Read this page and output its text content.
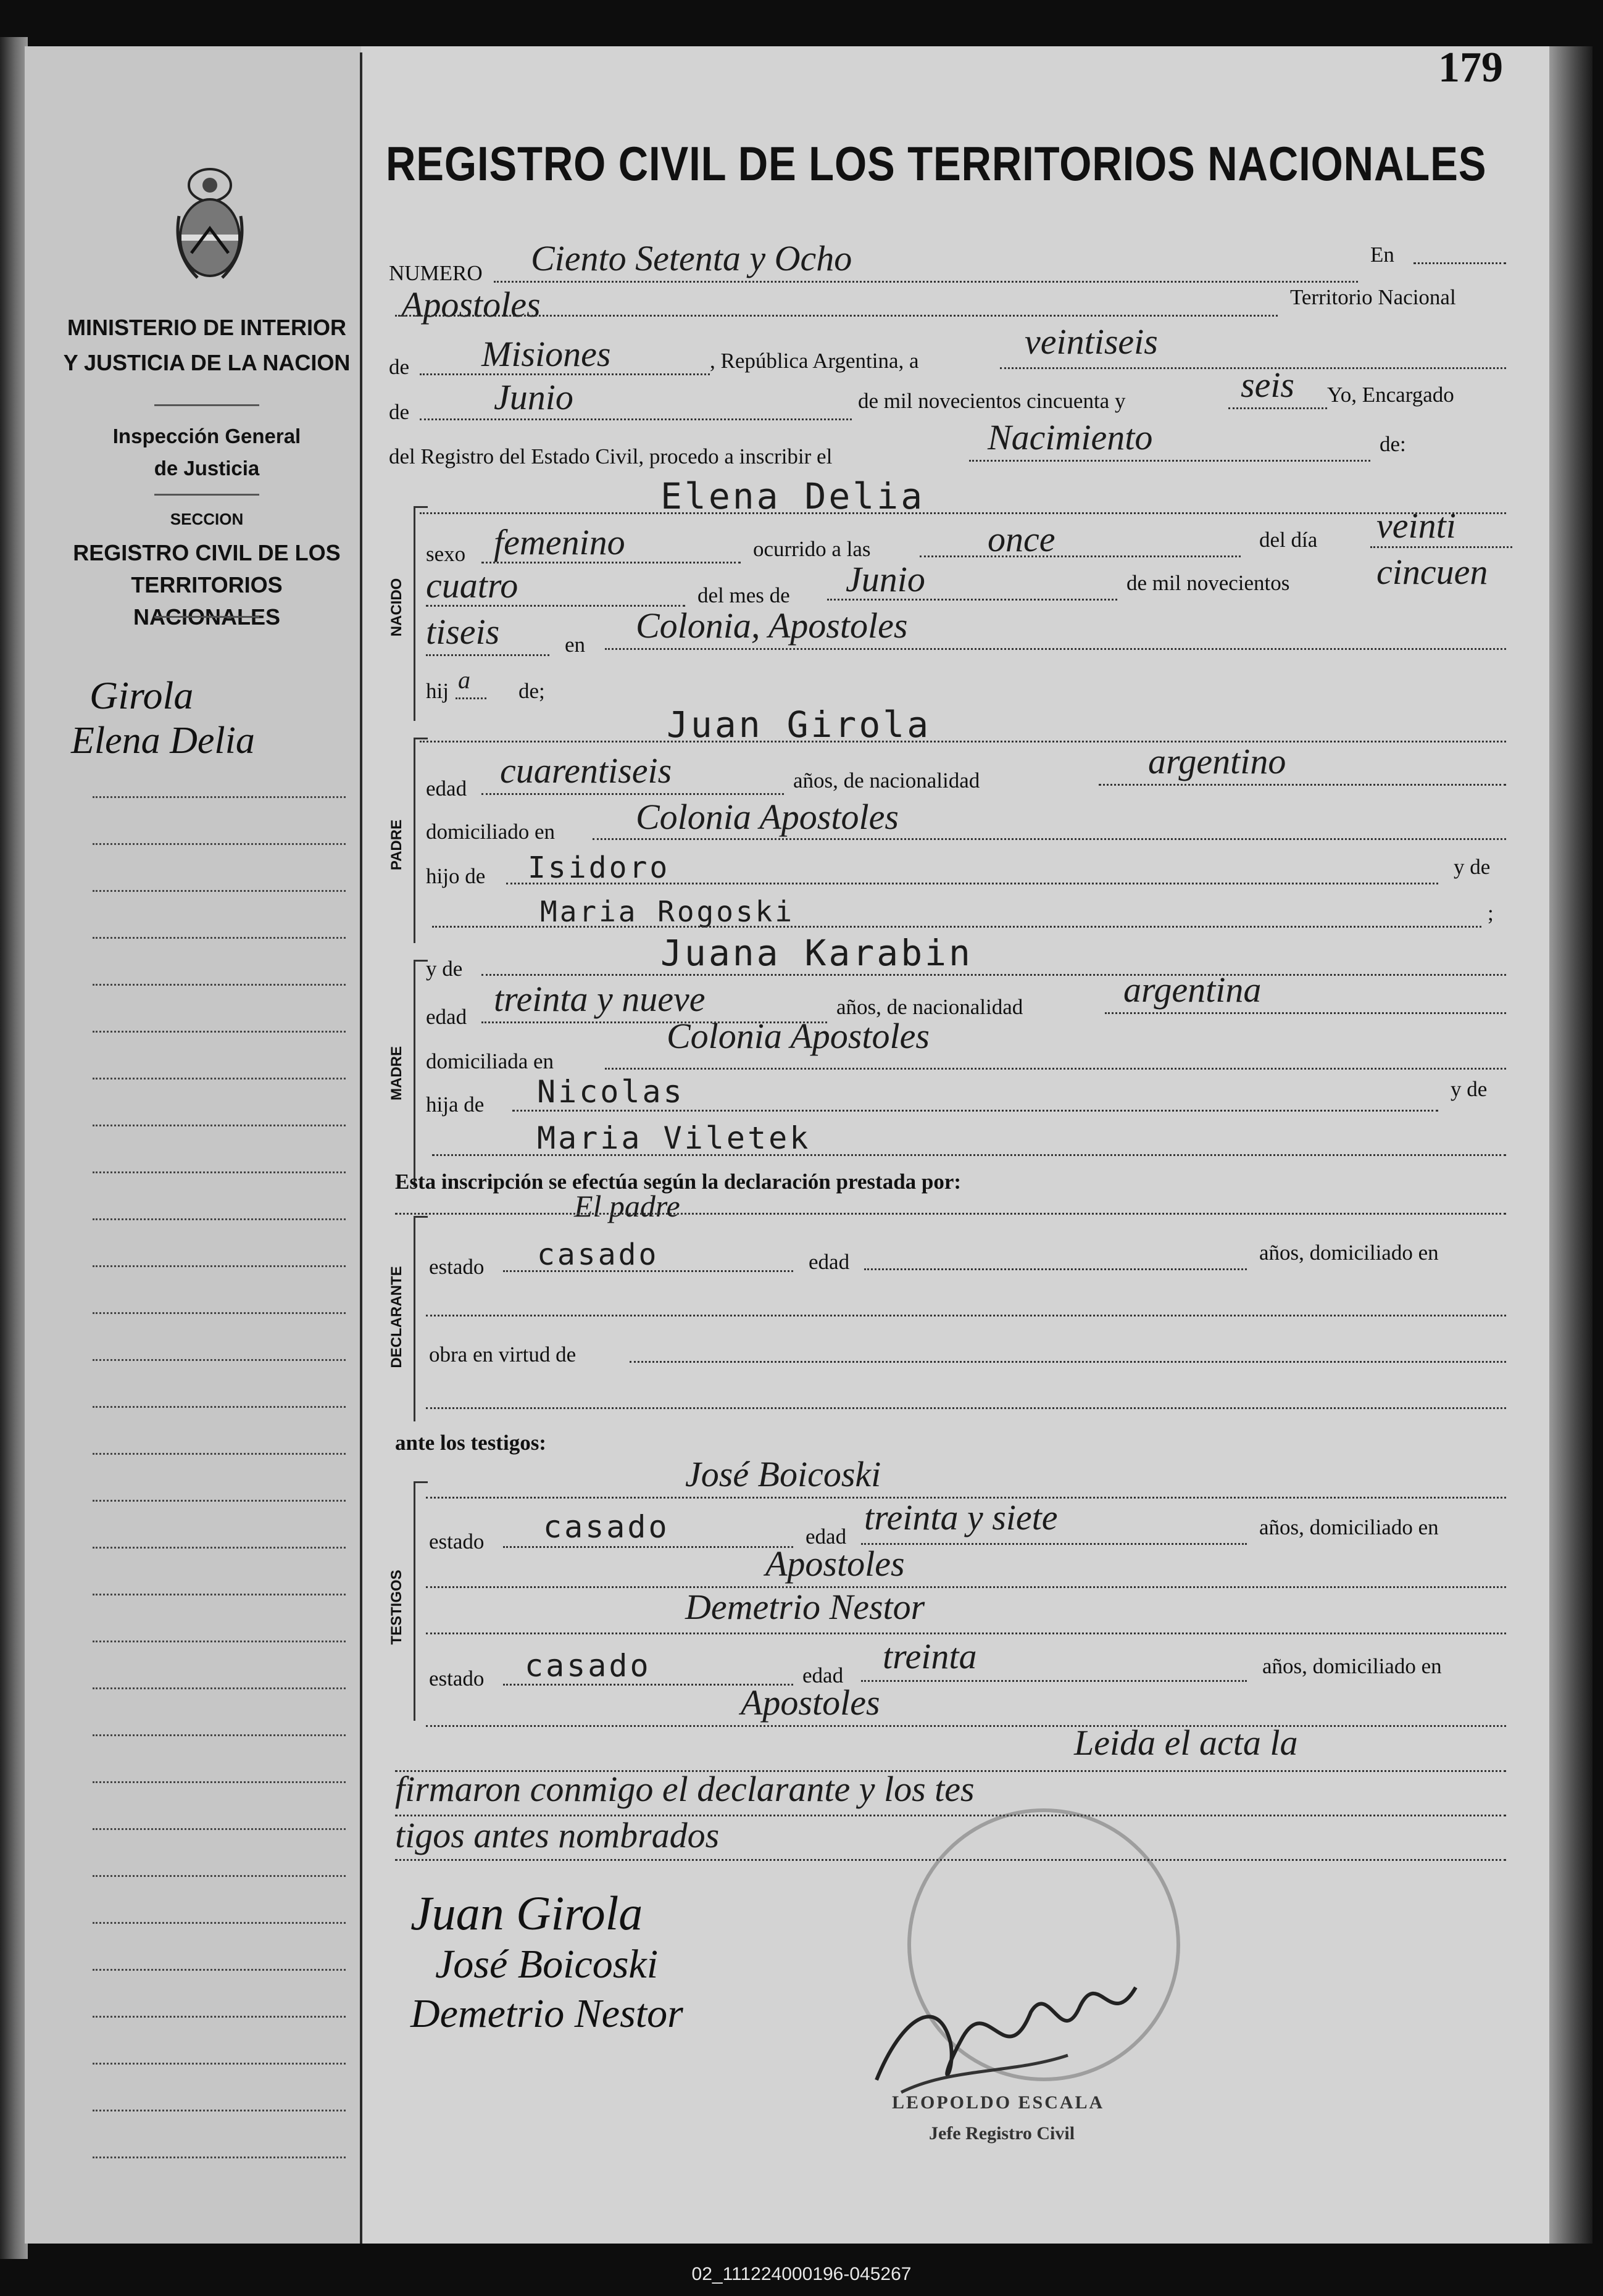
179
MINISTERIO DE INTERIOR
Y JUSTICIA DE LA NACION
Inspección General
de Justicia
SECCION
REGISTRO CIVIL DE LOS
TERRITORIOS NACIONALES
Girola
Elena Delia
REGISTRO CIVIL DE LOS TERRITORIOS NACIONALES
NUMERO Ciento Setenta y Ocho	En
Apostoles	Territorio Nacional
de Misiones	, República Argentina, a	veintiseis
de Junio	de mil novecientos cincuenta y	seis Yo, Encargado
del Registro del Estado Civil, procedo a inscribir el	Nacimiento	de:
Elena Delia
NACIDO
sexo femenino	ocurrido a las	once	del día veinti
cuatro	del mes de Junio	de mil novecientos cincuen
tiseis	en Colonia, Apostoles
hij a de;
Juan Girola
PADRE
edad cuarentiseis	años, de nacionalidad	argentino
domiciliado en Colonia Apostoles
hijo de Isidoro	y de
Maria Rogoski	;
MADRE
y de	Juana Karabin
edad treinta y nueve	años, de nacionalidad	argentina
domiciliada en
Colonia Apostoles
hija de Nicolas	y de
Maria Viletek
Esta inscripción se efectúa según la declaración prestada por:
El padre
DECLARANTE estado casado	edad	años, domiciliado en
obra en virtud de
ante los testigos:
TESTIGOS
José Boicoski
estado casado	edad treinta y siete	años, domiciliado en
Apostoles
Demetrio Nestor
estado casado	edad treinta	años, domiciliado en
Apostoles
Leida el acta la
firmaron conmigo el declarante y los tes
tigos antes nombrados
Juan Girola
José Boicoski
Demetrio Nestor
LEOPOLDO ESCALA
Jefe Registro Civil
02_111224000196-045267
